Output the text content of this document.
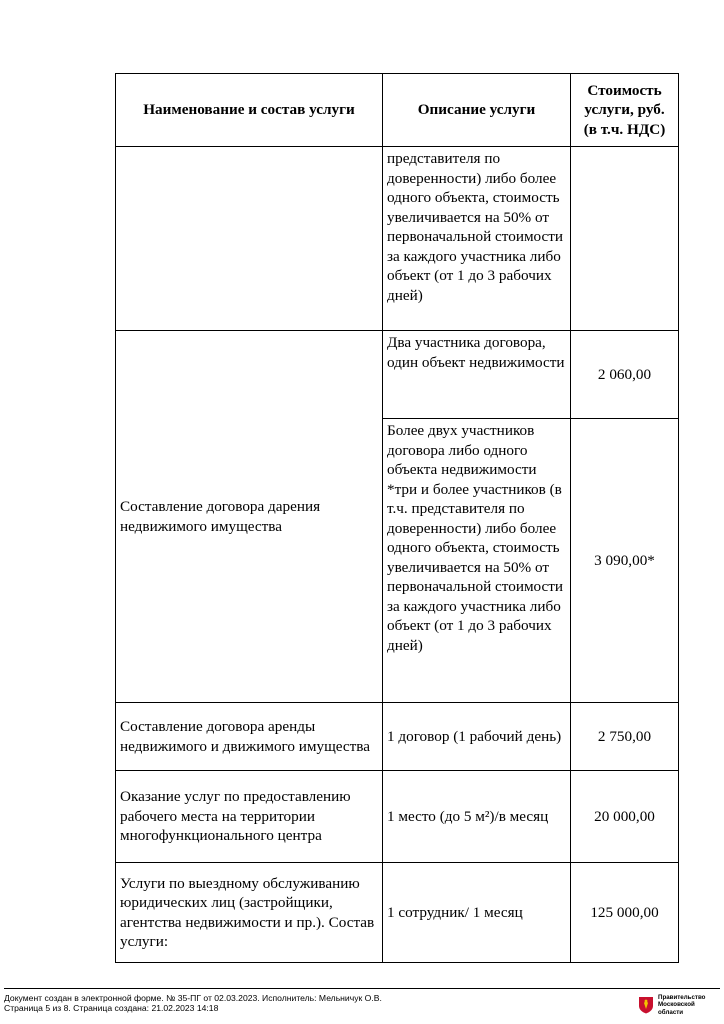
Наименование и состав услуги	Описание услуги	Стоимость
услуги, руб.
(в т.ч. НДС)
	представителя по доверенности) либо более одного объекта, стоимость увеличивается на 50% от первоначальной стоимости за каждого участника либо объект (от 1 до 3 рабочих дней)	
Составление договора дарения недвижимого имущества	Два участника договора, один объект недвижимости	2 060,00
	Более двух участников договора либо одного объекта недвижимости *три и более участников (в т.ч. представителя по доверенности) либо более одного объекта, стоимость увеличивается на 50% от первоначальной стоимости за каждого участника либо объект (от 1 до 3 рабочих дней)	3 090,00*
Составление договора аренды недвижимого и движимого имущества	1 договор (1 рабочий день)	2 750,00
Оказание услуг по предоставлению рабочего места на территории многофункционального центра	1 место (до 5 м²)/в месяц	20 000,00
Услуги по выездному обслуживанию юридических лиц (застройщики, агентства недвижимости и пр.). Состав услуги:	1 сотрудник/ 1 месяц	125 000,00
Документ создан в электронной форме. № 35-ПГ от 02.03.2023. Исполнитель: Мельничук О.В.
Страница 5 из 8. Страница создана: 21.02.2023 14:18
Правительство
Московской области
